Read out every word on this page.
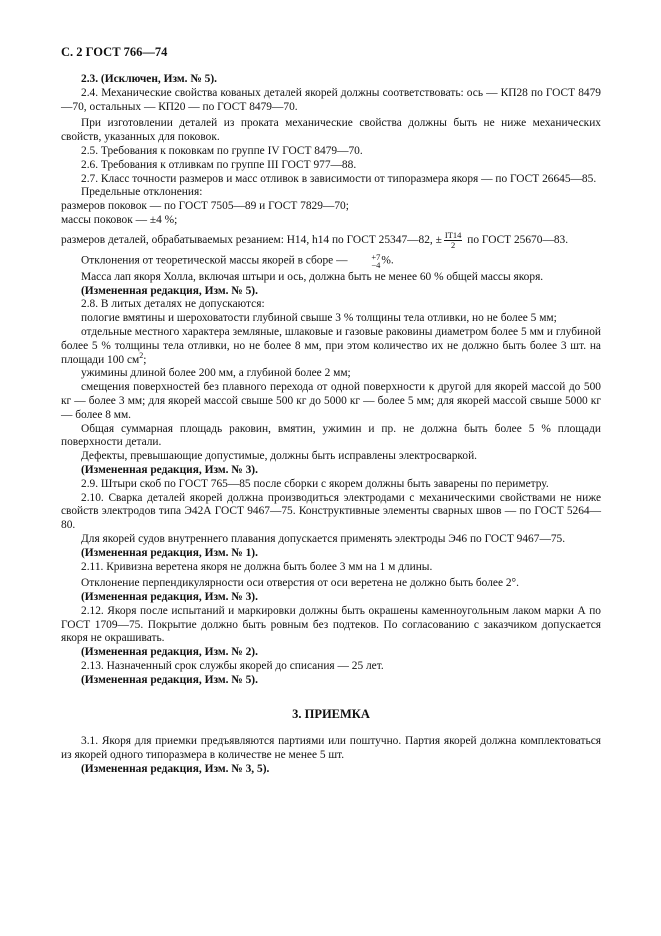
С. 2 ГОСТ 766—74

2.3. (Исключен, Изм. № 5).

2.4. Механические свойства кованых деталей якорей должны соответствовать: ось — КП28 по ГОСТ 8479—70, остальных — КП20 — по ГОСТ 8479—70.

При изготовлении деталей из проката механические свойства должны быть не ниже механических свойств, указанных для поковок.

2.5. Требования к поковкам по группе IV ГОСТ 8479—70.

2.6. Требования к отливкам по группе III ГОСТ 977—88.

2.7. Класс точности размеров и масс отливок в зависимости от типоразмера якоря — по ГОСТ 26645—85.

Предельные отклонения:

размеров поковок — по ГОСТ 7505—89 и ГОСТ 7829—70;

массы поковок — ±4 %;

размеров деталей, обрабатываемых резанием: H14, h14 по ГОСТ 25347—82, ± $\frac{IT14}{2}$ по ГОСТ 25670—83.

Отклонения от теоретической массы якорей в сборе —	+7
−4 %.

Масса лап якоря Холла, включая штыри и ось, должна быть не менее 60 % общей массы якоря.

(Измененная редакция, Изм. № 5).

2.8. В литых деталях не допускаются:

пологие вмятины и шероховатости глубиной свыше 3 % толщины тела отливки, но не более 5 мм;

отдельные местного характера земляные, шлаковые и газовые раковины диаметром более 5 мм и глубиной более 5 % толщины тела отливки, но не более 8 мм, при этом количество их не должно быть более 3 шт. на площади 100 $см^2$;

ужимины длиной более 200 мм, а глубиной более 2 мм;

смещения поверхностей без плавного перехода от одной поверхности к другой для якорей массой до 500 кг — более 3 мм; для якорей массой свыше 500 кг до 5000 кг — более 5 мм; для якорей массой свыше 5000 кг — более 8 мм.

Общая суммарная площадь раковин, вмятин, ужимин и пр. не должна быть более 5 % площади поверхности детали.

Дефекты, превышающие допустимые, должны быть исправлены электросваркой.

(Измененная редакция, Изм. № 3).

2.9. Штыри скоб по ГОСТ 765—85 после сборки с якорем должны быть заварены по периметру.

2.10. Сварка деталей якорей должна производиться электродами с механическими свойствами не ниже свойств электродов типа Э42А ГОСТ 9467—75. Конструктивные элементы сварных швов — по ГОСТ 5264—80.

Для якорей судов внутреннего плавания допускается применять электроды Э46 по ГОСТ 9467—75.

(Измененная редакция, Изм. № 1).

2.11. Кривизна веретена якоря не должна быть более 3 мм на 1 м длины.

Отклонение перпендикулярности оси отверстия от оси веретена не должно быть более 2°.

(Измененная редакция, Изм. № 3).

2.12. Якоря после испытаний и маркировки должны быть окрашены каменноугольным лаком марки А по ГОСТ 1709—75. Покрытие должно быть ровным без подтеков. По согласованию с заказчиком допускается якоря не окрашивать.

(Измененная редакция, Изм. № 2).

2.13. Назначенный срок службы якорей до списания — 25 лет.

(Измененная редакция, Изм. № 5).

3. ПРИЕМКА

3.1. Якоря для приемки предъявляются партиями или поштучно. Партия якорей должна комплектоваться из якорей одного типоразмера в количестве не менее 5 шт.

(Измененная редакция, Изм. № 3, 5).
